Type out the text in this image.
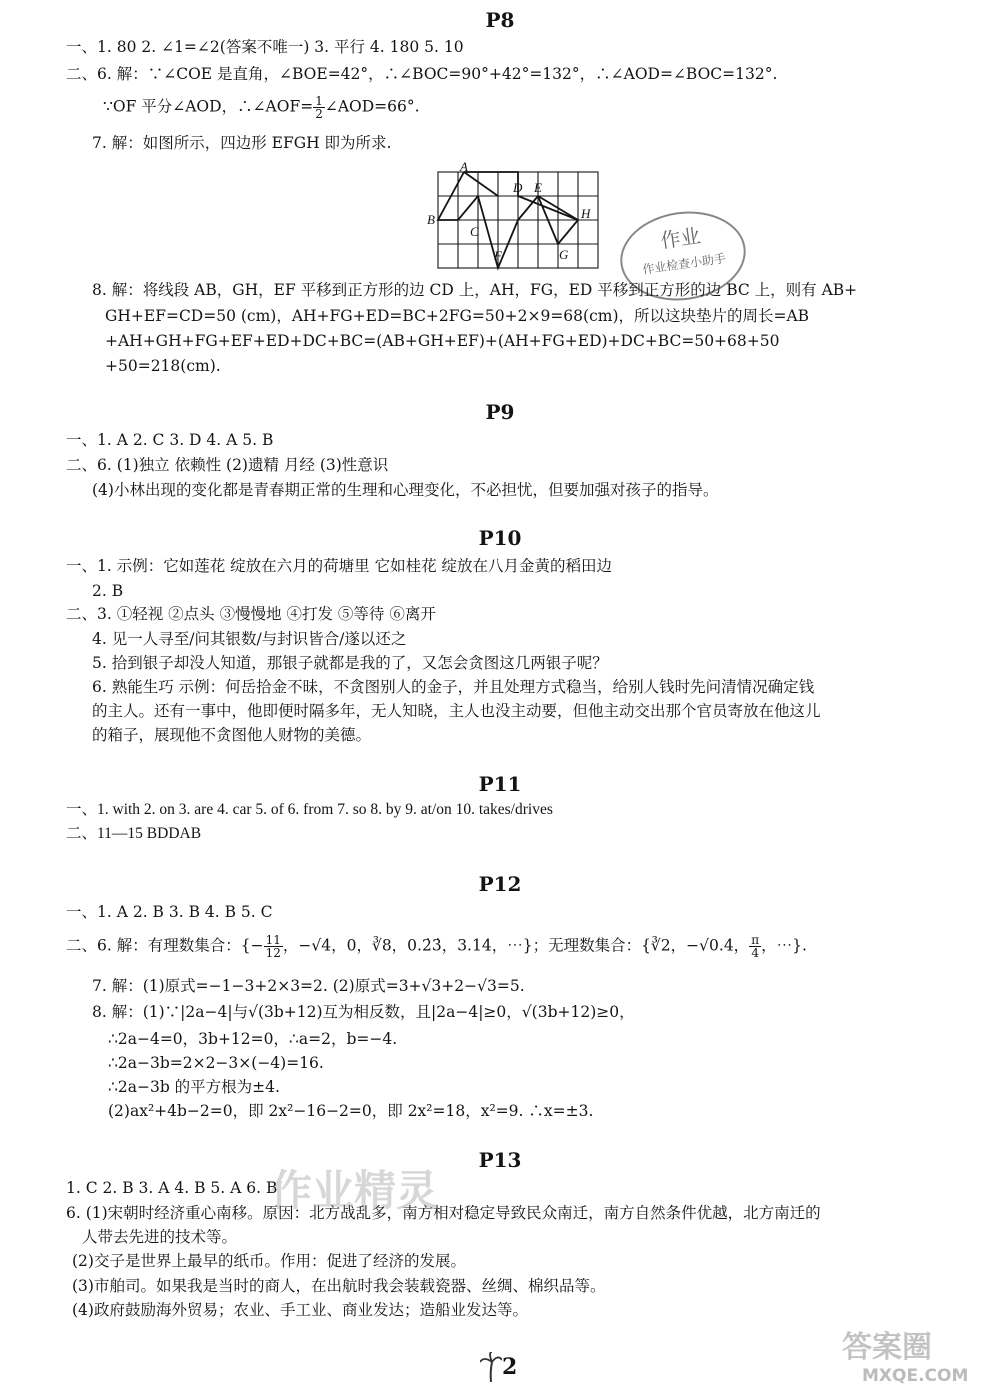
P8
一、1. 80 2. ∠1=∠2(答案不唯一) 3. 平行 4. 180 5. 10
二、6. 解：∵∠COE 是直角，∠BOE=42°，∴∠BOC=90°+42°=132°，∴∠AOD=∠BOC=132°.
∵OF 平分∠AOD，∴∠AOF= $\frac{1}{2}$ ∠AOD=66°.
7. 解：如图所示，四边形 EFGH 即为所求.
A
B
C
D E
F	G
H
作业
作业检查小助手
8. 解：将线段 AB，GH，EF 平移到正方形的边 CD 上，AH，FG，ED 平移到正方形的边 BC 上，则有 AB+
GH+EF=CD=50 (cm)，AH+FG+ED=BC+2FG=50+2×9=68(cm)，所以这块垫片的周长=AB
+AH+GH+FG+EF+ED+DC+BC=(AB+GH+EF)+(AH+FG+ED)+DC+BC=50+68+50
+50=218(cm).
P9
一、1. A 2. C 3. D 4. A 5. B
二、6. (1)独立 依赖性 (2)遗精 月经 (3)性意识
(4)小林出现的变化都是青春期正常的生理和心理变化，不必担忧，但要加强对孩子的指导。
P10
一、1. 示例：它如莲花 绽放在六月的荷塘里 它如桂花 绽放在八月金黄的稻田边
2. B
二、3. ①轻视 ②点头 ③慢慢地 ④打发 ⑤等待 ⑥离开
4. 见一人寻至/问其银数/与封识皆合/遂以还之
5. 拾到银子却没人知道，那银子就都是我的了，又怎会贪图这几两银子呢？
6. 熟能生巧 示例：何岳拾金不昧，不贪图别人的金子，并且处理方式稳当，给别人钱时先问清情况确定钱
的主人。还有一事中，他即便时隔多年，无人知晓，主人也没主动要，但他主动交出那个官员寄放在他这儿
的箱子，展现他不贪图他人财物的美德。
P11
一、1. with 2. on 3. are 4. car 5. of 6. from 7. so 8. by 9. at/on 10. takes/drives
二、11—15 BDDAB
P12
一、1. A 2. B 3. B 4. B 5. C
二、6. 解：有理数集合：{− $\frac{11}{12}$ ，−√4，0，∛8，0.2̇3̇，3.14，⋯}；无理数集合：{∛2，−√0.4， $\frac{\pi}{4}$ ，⋯}.
7. 解：(1)原式=−1−3+2×3=2. (2)原式=3+√3+2−√3=5.
8. 解：(1)∵|2a−4|与√(3b+12)互为相反数，且|2a−4|≥0，√(3b+12)≥0，
∴2a−4=0，3b+12=0，∴a=2，b=−4.
∴2a−3b=2×2−3×(−4)=16.
∴2a−3b 的平方根为±4.
(2)ax²+4b−2=0，即 2x²−16−2=0，即 2x²=18，x²=9. ∴x=±3.
P13
1. C 2. B 3. A 4. B 5. A 6. B
6. (1)宋朝时经济重心南移。原因：北方战乱多，南方相对稳定导致民众南迁，南方自然条件优越，北方南迁的
人带去先进的技术等。
(2)交子是世界上最早的纸币。作用：促进了经济的发展。
(3)市舶司。如果我是当时的商人，在出航时我会装载瓷器、丝绸、棉织品等。
(4)政府鼓励海外贸易；农业、手工业、商业发达；造船业发达等。
作业精灵
答案圈
MXQE.COM
2
